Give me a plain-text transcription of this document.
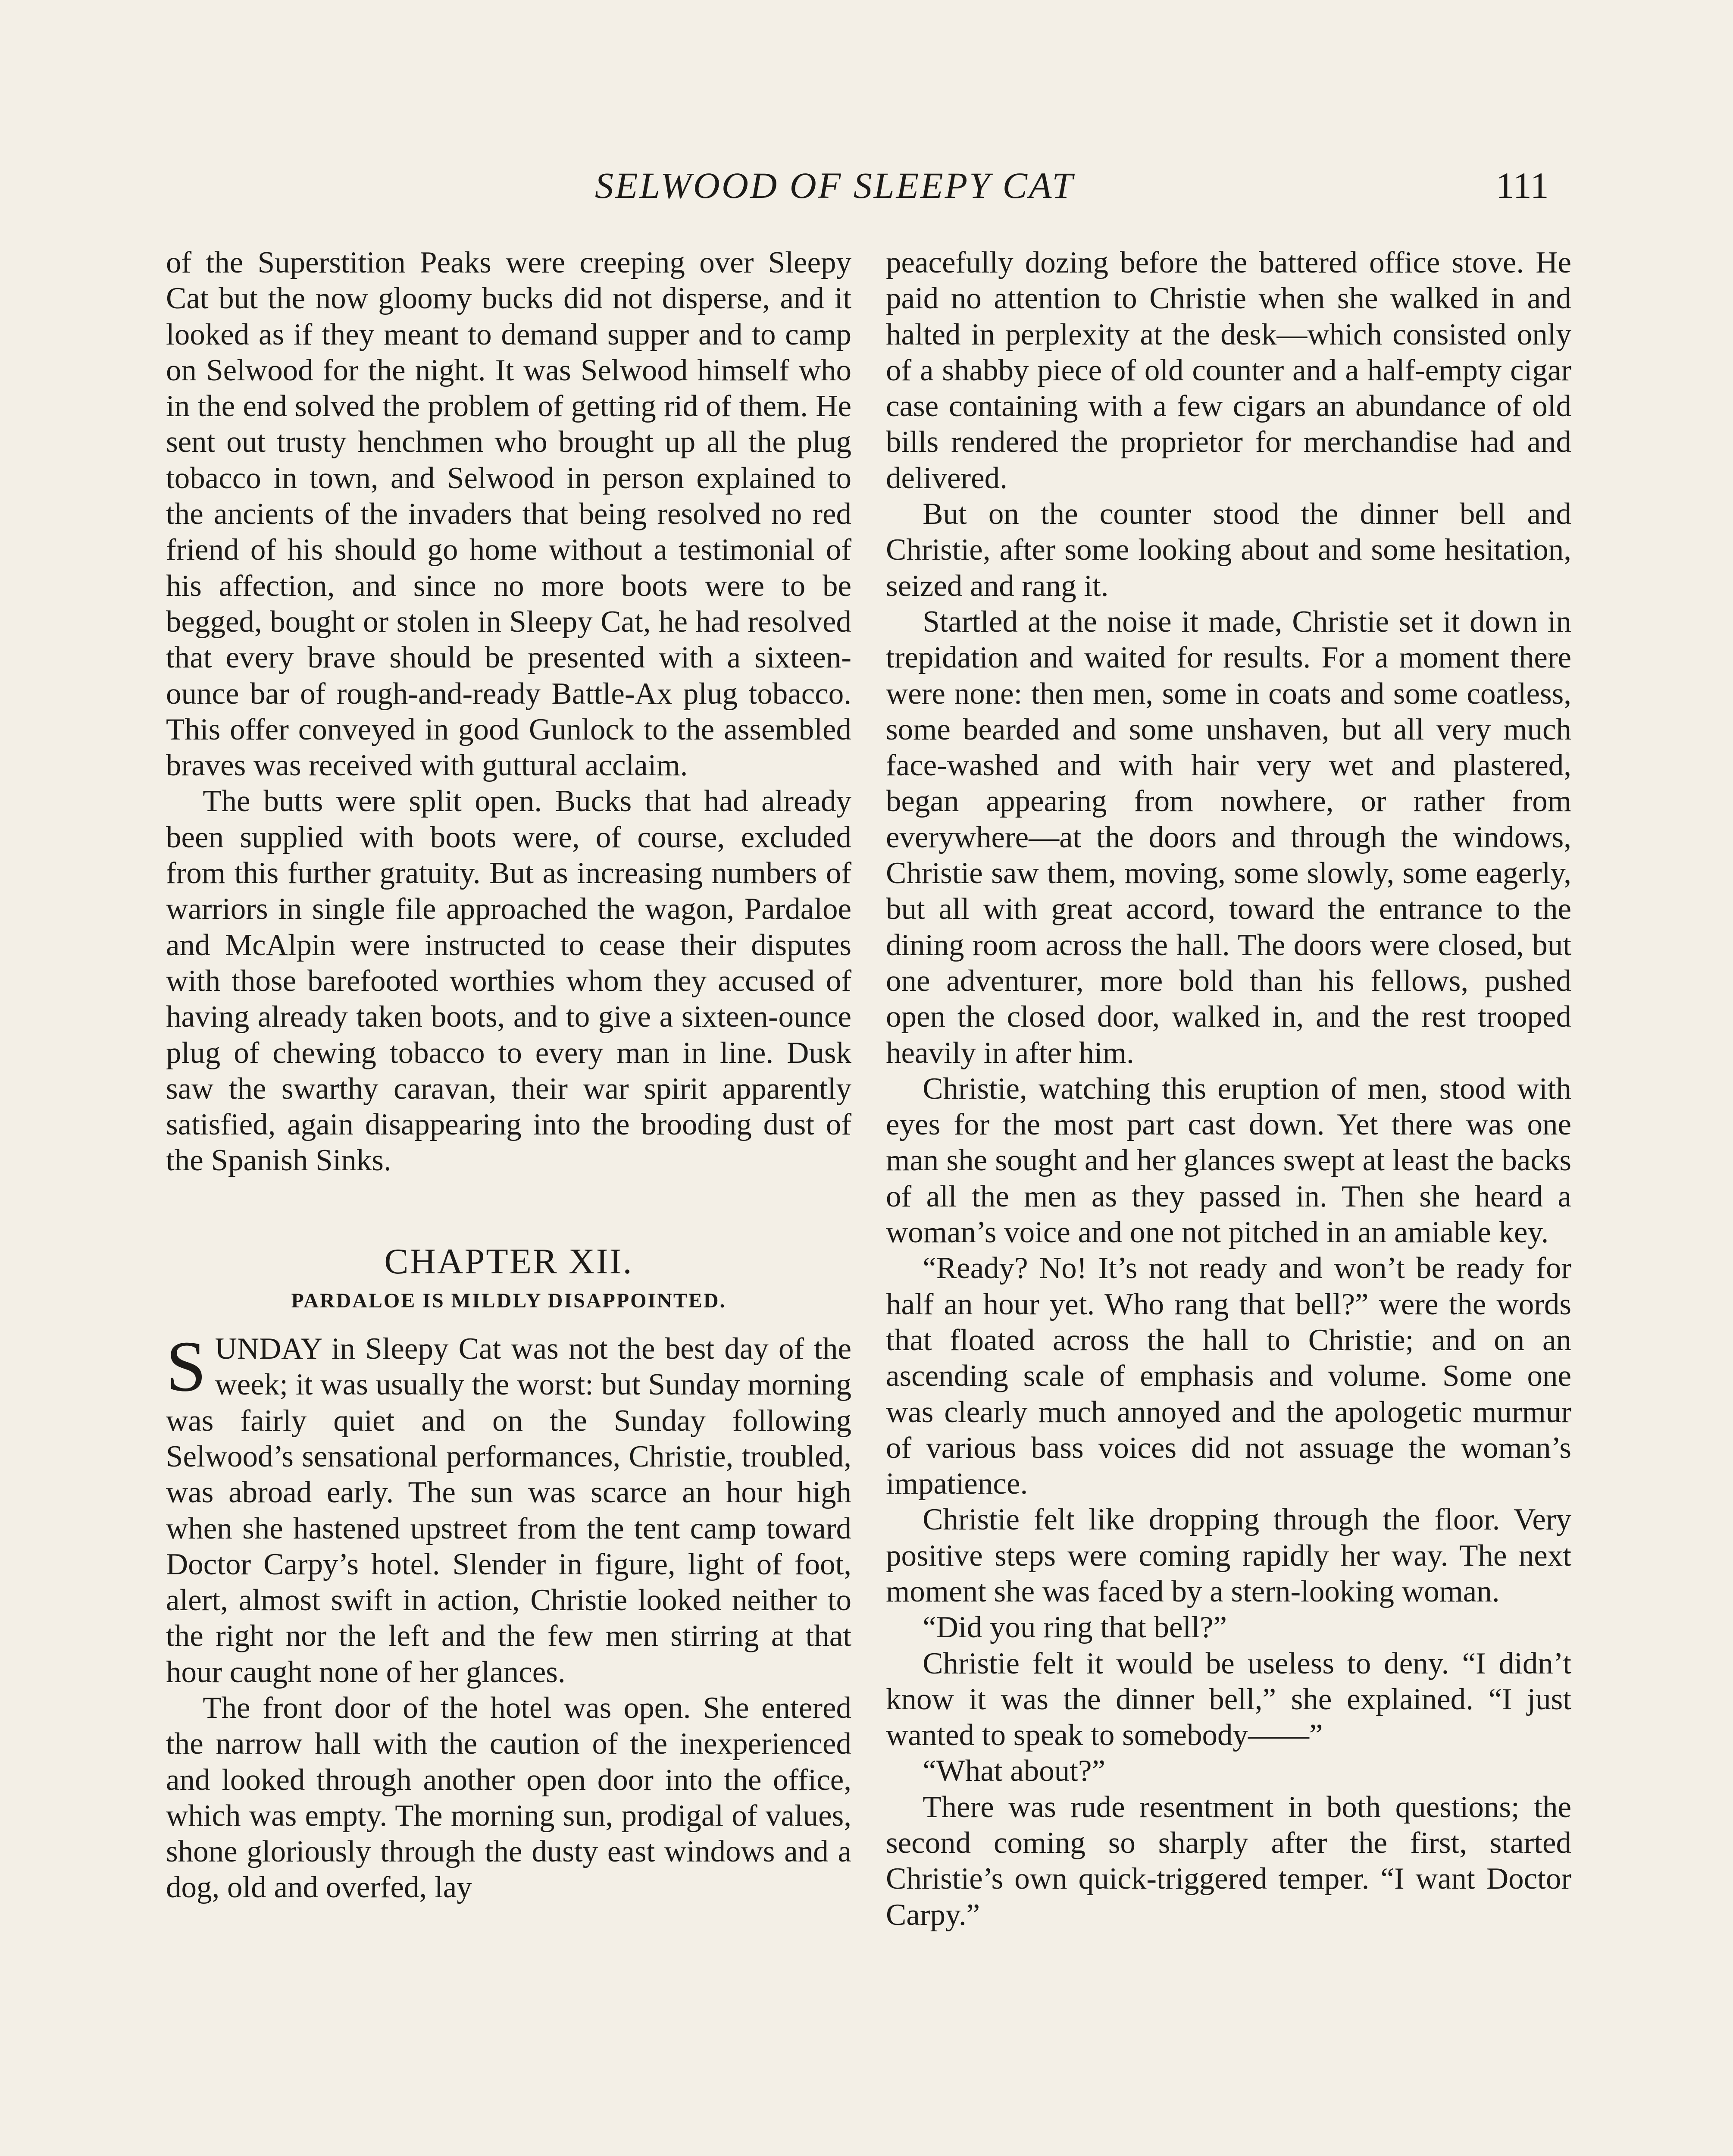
SELWOOD OF SLEEPY CAT	111

of the Superstition Peaks were creeping over Sleepy Cat but the now gloomy bucks did not disperse, and it looked as if they meant to demand supper and to camp on Selwood for the night. It was Selwood himself who in the end solved the problem of getting rid of them. He sent out trusty henchmen who brought up all the plug tobacco in town, and Selwood in person explained to the ancients of the invaders that being resolved no red friend of his should go home without a testimonial of his affection, and since no more boots were to be begged, bought or stolen in Sleepy Cat, he had resolved that every brave should be presented with a sixteen-ounce bar of rough-and-ready Battle-Ax plug tobacco. This offer conveyed in good Gunlock to the assembled braves was received with guttural acclaim.

The butts were split open. Bucks that had already been supplied with boots were, of course, excluded from this further gratuity. But as increasing numbers of warriors in single file approached the wagon, Pardaloe and McAlpin were instructed to cease their disputes with those barefooted worthies whom they accused of having already taken boots, and to give a sixteen-ounce plug of chewing tobacco to every man in line. Dusk saw the swarthy caravan, their war spirit apparently satisfied, again disappearing into the brooding dust of the Spanish Sinks.

CHAPTER XII.
PARDALOE IS MILDLY DISAPPOINTED.

SUNDAY in Sleepy Cat was not the best day of the week; it was usually the worst: but Sunday morning was fairly quiet and on the Sunday following Selwood’s sensational performances, Christie, troubled, was abroad early. The sun was scarce an hour high when she hastened upstreet from the tent camp toward Doctor Carpy’s hotel. Slender in figure, light of foot, alert, almost swift in action, Christie looked neither to the right nor the left and the few men stirring at that hour caught none of her glances.

The front door of the hotel was open. She entered the narrow hall with the caution of the inexperienced and looked through another open door into the office, which was empty. The morning sun, prodigal of values, shone gloriously through the dusty east windows and a dog, old and overfed, lay

peacefully dozing before the battered office stove. He paid no attention to Christie when she walked in and halted in perplexity at the desk—which consisted only of a shabby piece of old counter and a half-empty cigar case containing with a few cigars an abundance of old bills rendered the proprietor for merchandise had and delivered.

But on the counter stood the dinner bell and Christie, after some looking about and some hesitation, seized and rang it.

Startled at the noise it made, Christie set it down in trepidation and waited for results. For a moment there were none: then men, some in coats and some coatless, some bearded and some unshaven, but all very much face-washed and with hair very wet and plastered, began appearing from nowhere, or rather from everywhere—at the doors and through the windows, Christie saw them, moving, some slowly, some eagerly, but all with great accord, toward the entrance to the dining room across the hall. The doors were closed, but one adventurer, more bold than his fellows, pushed open the closed door, walked in, and the rest trooped heavily in after him.

Christie, watching this eruption of men, stood with eyes for the most part cast down. Yet there was one man she sought and her glances swept at least the backs of all the men as they passed in. Then she heard a woman’s voice and one not pitched in an amiable key.

“Ready? No! It’s not ready and won’t be ready for half an hour yet. Who rang that bell?” were the words that floated across the hall to Christie; and on an ascending scale of emphasis and volume. Some one was clearly much annoyed and the apologetic murmur of various bass voices did not assuage the woman’s impatience.

Christie felt like dropping through the floor. Very positive steps were coming rapidly her way. The next moment she was faced by a stern-looking woman.

“Did you ring that bell?”

Christie felt it would be useless to deny. “I didn’t know it was the dinner bell,” she explained. “I just wanted to speak to somebody——”

“What about?”

There was rude resentment in both questions; the second coming so sharply after the first, started Christie’s own quick-triggered temper. “I want Doctor Carpy.”
